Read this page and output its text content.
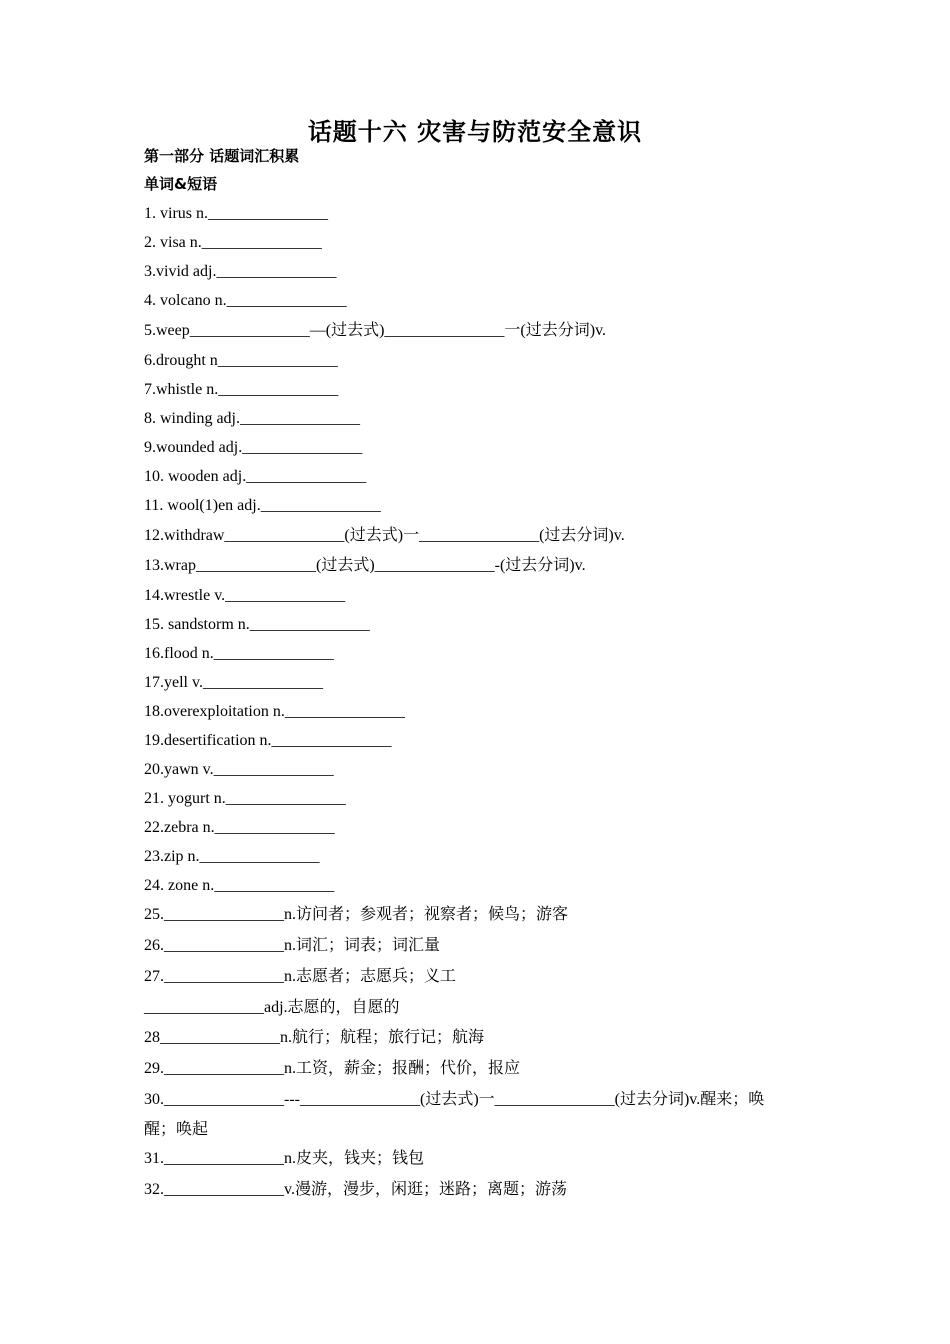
话题十六 灾害与防范安全意识
第一部分 话题词汇积累
单词&短语
1. virus n._______________
2. visa n._______________
3.vivid adj._______________
4. volcano n._______________
5.weep_______________—(过去式)_______________一(过去分词)v.
6.drought n_______________
7.whistle n._______________
8. winding adj._______________
9.wounded adj._______________
10. wooden adj._______________
11. wool(1)en adj._______________
12.withdraw_______________(过去式)一_______________(过去分词)v.
13.wrap_______________(过去式)_______________-(过去分词)v.
14.wrestle v._______________
15. sandstorm n._______________
16.flood n._______________
17.yell v._______________
18.overexploitation n._______________
19.desertification n._______________
20.yawn v._______________
21. yogurt n._______________
22.zebra n._______________
23.zip n._______________
24. zone n._______________
25._______________n.访问者；参观者；视察者；候鸟；游客
26._______________n.词汇；词表；词汇量
27._______________n.志愿者；志愿兵；义工
_______________adj.志愿的，自愿的
28_______________n.航行；航程；旅行记；航海
29._______________n.工资，薪金；报酬；代价，报应
30._______________---_______________(过去式)一_______________(过去分词)v.醒来；唤
醒；唤起
31._______________n.皮夹，钱夹；钱包
32._______________v.漫游，漫步，闲逛；迷路；离题；游荡
